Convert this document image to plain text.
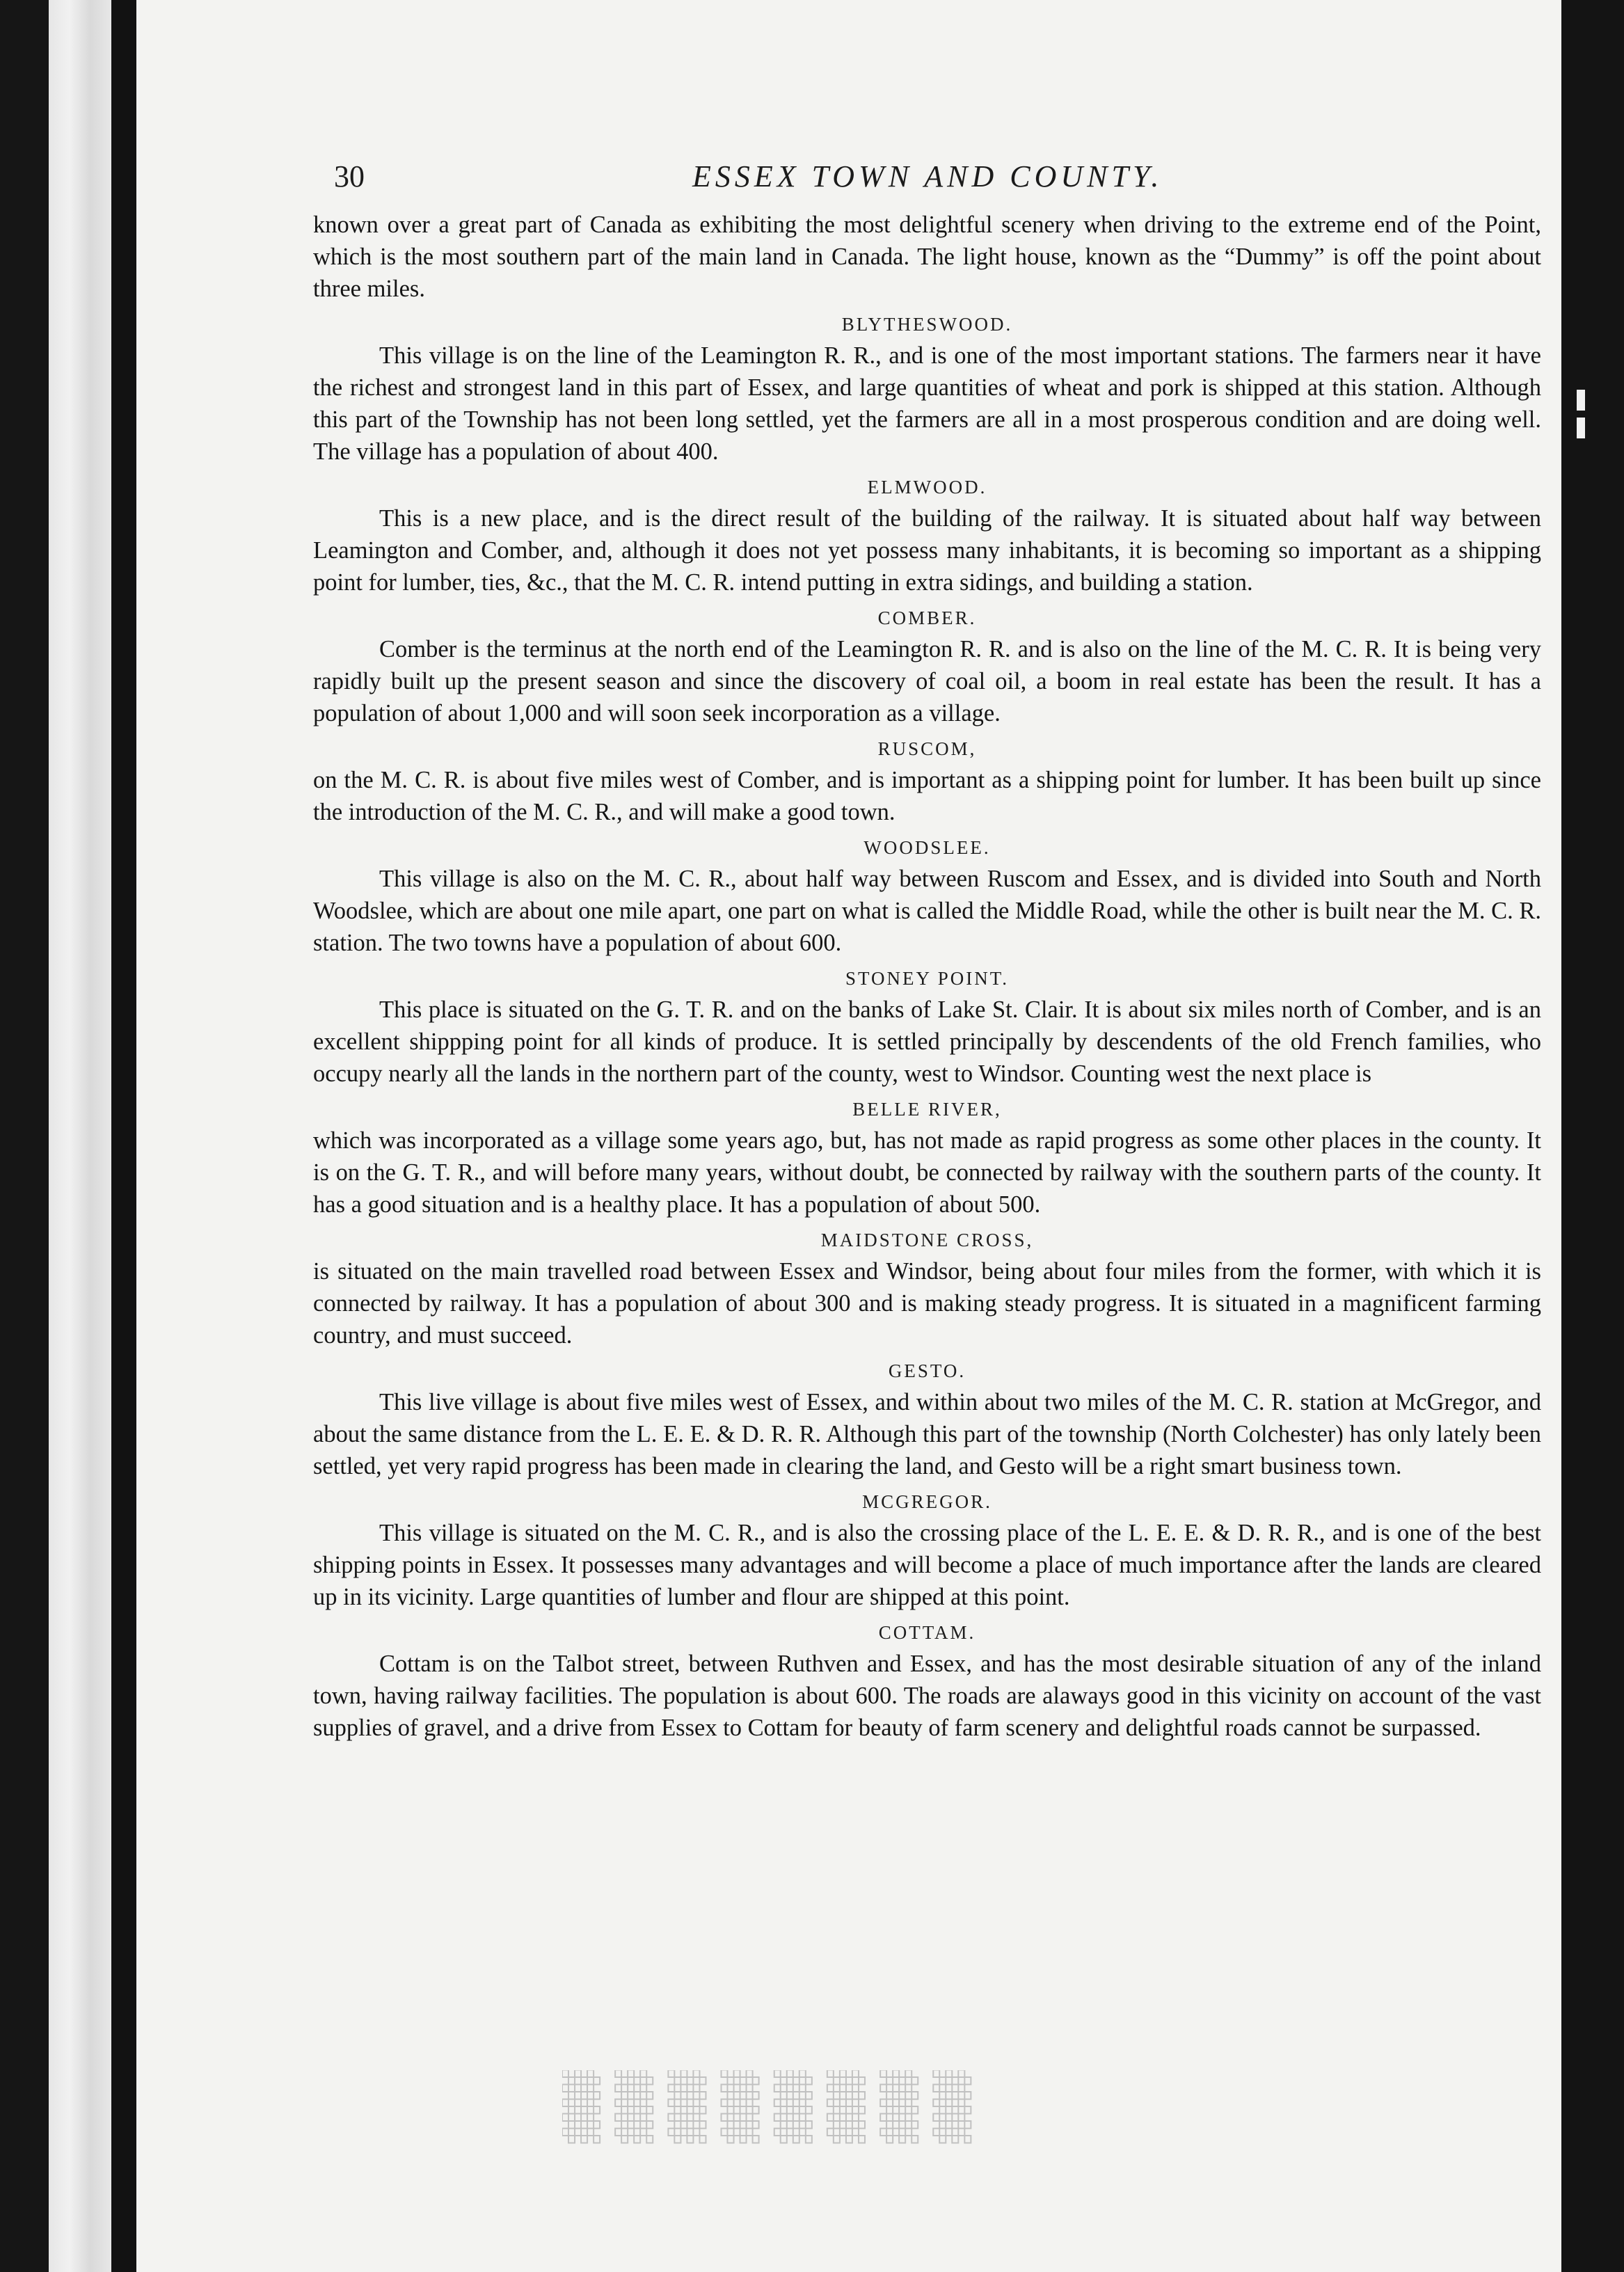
30	ESSEX TOWN AND COUNTY.

known over a great part of Canada as exhibiting the most delightful scenery when driving to the extreme end of the Point, which is the most southern part of the main land in Canada. The light house, known as the “Dummy” is off the point about three miles.

BLYTHESWOOD.

This village is on the line of the Leamington R. R., and is one of the most important stations. The farmers near it have the richest and strongest land in this part of Essex, and large quantities of wheat and pork is shipped at this station. Although this part of the Township has not been long settled, yet the farmers are all in a most prosperous condition and are doing well. The village has a population of about 400.

ELMWOOD.

This is a new place, and is the direct result of the building of the railway. It is situated about half way between Leamington and Comber, and, although it does not yet possess many inhabitants, it is becoming so important as a shipping point for lumber, ties, &c., that the M. C. R. intend putting in extra sidings, and building a station.

COMBER.

Comber is the terminus at the north end of the Leamington R. R. and is also on the line of the M. C. R. It is being very rapidly built up the present season and since the discovery of coal oil, a boom in real estate has been the result. It has a population of about 1,000 and will soon seek incorporation as a village.

RUSCOM,

on the M. C. R. is about five miles west of Comber, and is important as a shipping point for lumber. It has been built up since the introduction of the M. C. R., and will make a good town.

WOODSLEE.

This village is also on the M. C. R., about half way between Ruscom and Essex, and is divided into South and North Woodslee, which are about one mile apart, one part on what is called the Middle Road, while the other is built near the M. C. R. station. The two towns have a population of about 600.

STONEY POINT.

This place is situated on the G. T. R. and on the banks of Lake St. Clair. It is about six miles north of Comber, and is an excellent shippping point for all kinds of produce. It is settled principally by descendents of the old French families, who occupy nearly all the lands in the northern part of the county, west to Windsor. Counting west the next place is

BELLE RIVER,

which was incorporated as a village some years ago, but, has not made as rapid progress as some other places in the county. It is on the G. T. R., and will before many years, without doubt, be connected by railway with the southern parts of the county. It has a good situation and is a healthy place. It has a population of about 500.

MAIDSTONE CROSS,

is situated on the main travelled road between Essex and Windsor, being about four miles from the former, with which it is connected by railway. It has a population of about 300 and is making steady progress. It is situated in a magnificent farming country, and must succeed.

GESTO.

This live village is about five miles west of Essex, and within about two miles of the M. C. R. station at McGregor, and about the same distance from the L. E. E. & D. R. R. Although this part of the township (North Colchester) has only lately been settled, yet very rapid progress has been made in clearing the land, and Gesto will be a right smart business town.

MCGREGOR.

This village is situated on the M. C. R., and is also the crossing place of the L. E. E. & D. R. R., and is one of the best shipping points in Essex. It possesses many advantages and will become a place of much importance after the lands are cleared up in its vicinity. Large quantities of lumber and flour are shipped at this point.

COTTAM.

Cottam is on the Talbot street, between Ruthven and Essex, and has the most desirable situation of any of the inland town, having railway facilities. The population is about 600. The roads are alaways good in this vicinity on account of the vast supplies of gravel, and a drive from Essex to Cottam for beauty of farm scenery and delightful roads cannot be surpassed.

▒▒▒▒▒▒▒▒
